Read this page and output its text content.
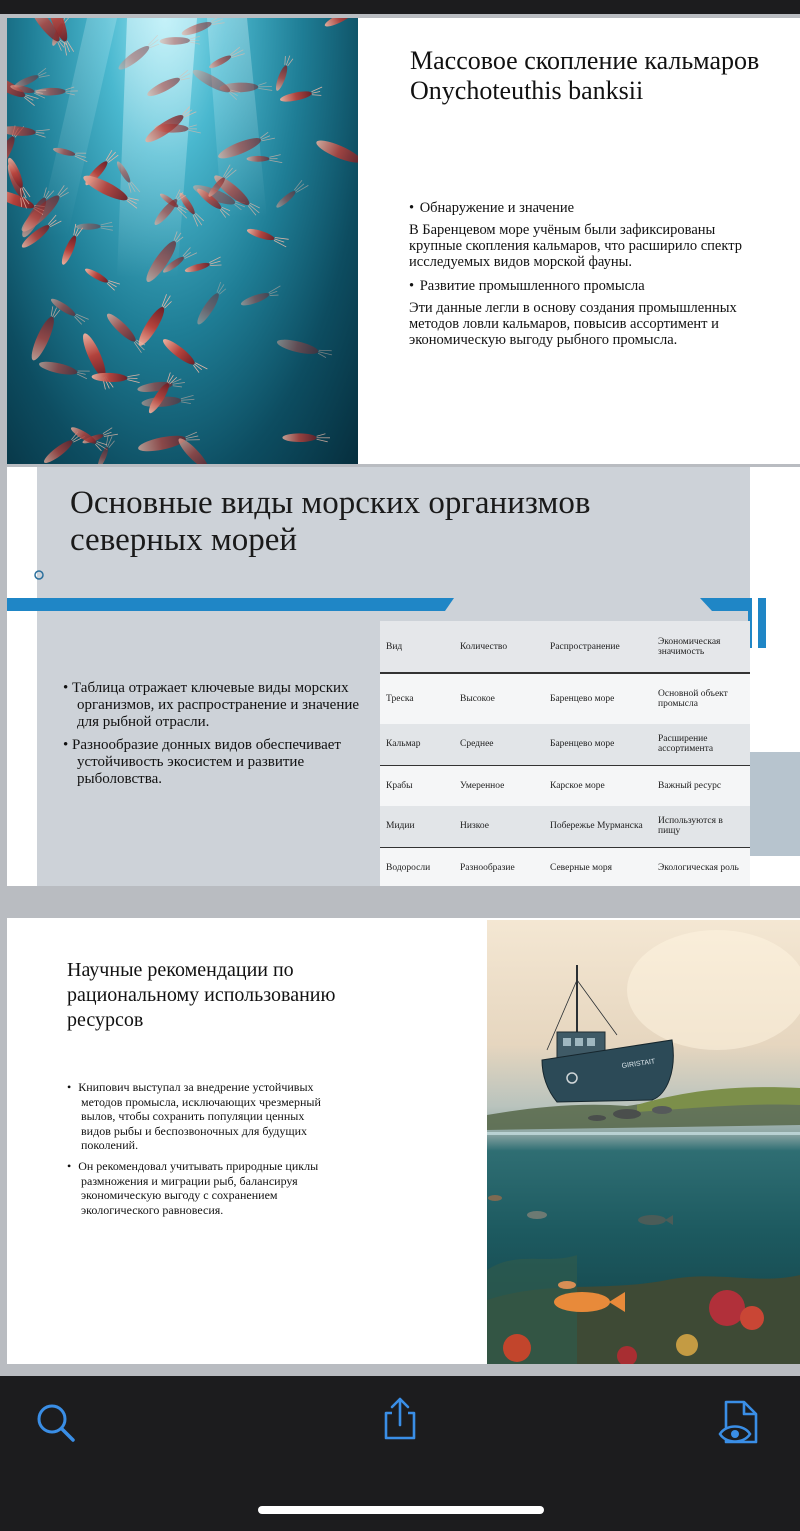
Массовое скопление кальмаров Onychoteuthis banksii

• Обнаружение и значение

В Баренцевом море учёным были зафиксированы крупные скопления кальмаров, что расширило спектр исследуемых видов морской фауны.

• Развитие промышленного промысла

Эти данные легли в основу создания промышленных методов ловли кальмаров, повысив ассортимент и экономическую выгоду рыбного промысла.

Основные виды морских организмов северных морей

• Таблица отражает ключевые виды морских организмов, их распространение и значение для рыбной отрасли.

• Разнообразие донных видов обеспечивает устойчивость экосистем и развитие рыболовства.

Вид	Количество	Распространение	Экономическая значимость
Треска	Высокое	Баренцево море	Основной объект промысла
Кальмар	Среднее	Баренцево море	Расширение ассортимента
Крабы	Умеренное	Карское море	Важный ресурс
Мидии	Низкое	Побережье Мурманска	Используются в пищу
Водоросли	Разнообразие	Северные моря	Экологическая роль
Научные рекомендации по рациональному использованию ресурсов

• Книпович выступал за внедрение устойчивых методов промысла, исключающих чрезмерный вылов, чтобы сохранить популяции ценных видов рыбы и беспозвоночных для будущих поколений.

• Он рекомендовал учитывать природные циклы размножения и миграции рыб, балансируя экономическую выгоду с сохранением экологического равновесия.

GIRISTAIT
